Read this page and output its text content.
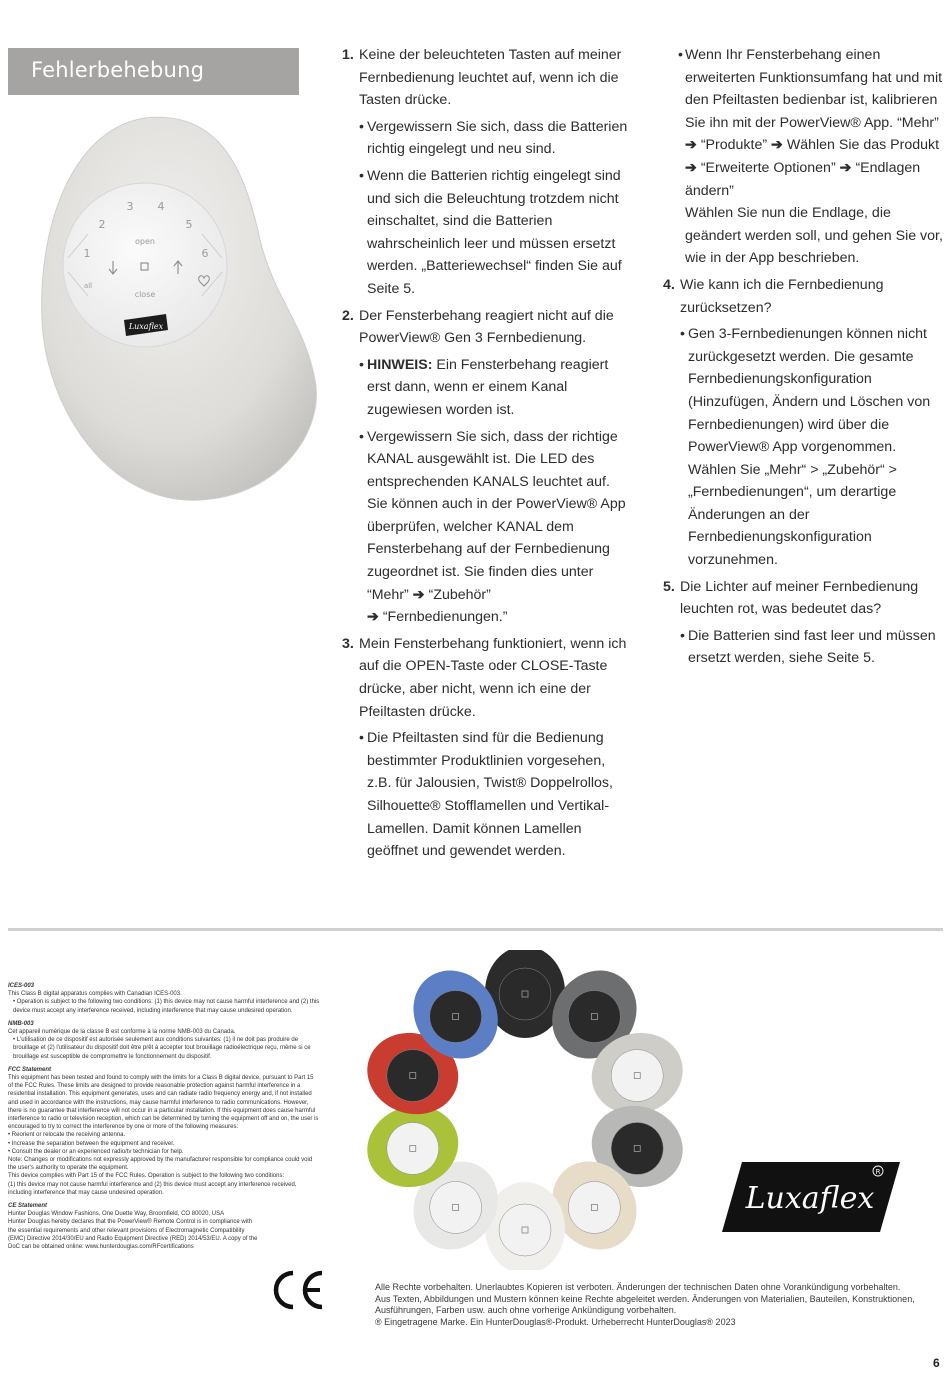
Fehlerbehebung
1
2
3 4
5
6
open
close
all
Luxaflex
1. Keine der beleuchteten Tasten auf meiner Fernbedienung leuchtet auf, wenn ich die Tasten drücke.
• Vergewissern Sie sich, dass die Batterien richtig eingelegt und neu sind.
• Wenn die Batterien richtig eingelegt sind und sich die Beleuchtung trotzdem nicht einschaltet, sind die Batterien wahrscheinlich leer und müssen ersetzt werden. „Batteriewechsel“ finden Sie auf Seite 5.
2. Der Fensterbehang reagiert nicht auf die PowerView® Gen 3 Fernbedienung.
• HINWEIS: Ein Fensterbehang reagiert erst dann, wenn er einem Kanal zugewiesen worden ist.
• Vergewissern Sie sich, dass der richtige KANAL ausgewählt ist. Die LED des entsprechenden KANALS leuchtet auf. Sie können auch in der PowerView® App überprüfen, welcher KANAL dem Fensterbehang auf der Fernbedienung zugeordnet ist. Sie finden dies unter “Mehr” ➔ “Zubehör”
➔ “Fernbedienungen.”
3. Mein Fensterbehang funktioniert, wenn ich auf die OPEN-Taste oder CLOSE-Taste drücke, aber nicht, wenn ich eine der Pfeiltasten drücke.
• Die Pfeiltasten sind für die Bedienung bestimmter Produktlinien vorgesehen, z.B. für Jalousien, Twist® Doppelrollos, Silhouette® Stofflamellen und Vertikal-Lamellen. Damit können Lamellen geöffnet und gewendet werden.
• Wenn Ihr Fensterbehang einen erweiterten Funktionsumfang hat und mit den Pfeiltasten bedienbar ist, kalibrieren Sie ihn mit der PowerView® App. “Mehr” ➔ “Produkte” ➔ Wählen Sie das Produkt ➔ “Erweiterte Optionen” ➔ “Endlagen ändern”
Wählen Sie nun die Endlage, die geändert werden soll, und gehen Sie vor, wie in der App beschrieben.
4. Wie kann ich die Fernbedienung zurücksetzen?
• Gen 3-Fernbedienungen können nicht zurückgesetzt werden. Die gesamte Fernbedienungskonfiguration (Hinzufügen, Ändern und Löschen von Fernbedienungen) wird über die PowerView® App vorgenommen. Wählen Sie „Mehr“ > „Zubehör“ > „Fernbedienungen“, um derartige Änderungen an der Fernbedienungskonfiguration vorzunehmen.
5. Die Lichter auf meiner Fernbedienung leuchten rot, was bedeutet das?
• Die Batterien sind fast leer und müssen ersetzt werden, siehe Seite 5.

ICES-003

This Class B digital apparatus complies with Canadian ICES-003.

• Operation is subject to the following two conditions: (1) this device may not cause harmful interference and (2) this device must accept any interference received, including interference that may cause undesired operation.

NMB-003

Cet appareil numérique de la classe B est conforme à la norme NMB-003 du Canada.

• L'utilisation de ce dispositif est autorisée seulement aux conditions suivantes: (1) il ne doit pas produire de brouillage et (2) l'utilisateur du dispositif doit être prêt à accepter tout brouillage radioélectrique reçu, même si ce brouillage est susceptible de compromettre le fonctionnement du dispositif.

FCC Statement

This equipment has been tested and found to comply with the limits for a Class B digital device, pursuant to Part 15 of the FCC Rules. These limits are designed to provide reasonable protection against harmful interference in a residential installation. This equipment generates, uses and can radiate radio frequency energy and, if not installed and used in accordance with the instructions, may cause harmful interference to radio communications. However, there is no guarantee that interference will not occur in a particular installation. If this equipment does cause harmful interference to radio or television reception, which can be determined by turning the equipment off and on, the user is encouraged to try to correct the interference by one or more of the following measures:

• Reorient or relocate the receiving antenna.

• Increase the separation between the equipment and receiver.

• Consult the dealer or an experienced radio/tv technician for help.

Note: Changes or modifications not expressly approved by the manufacturer responsible for compliance could void the user's authority to operate the equipment.

This device complies with Part 15 of the FCC Rules. Operation is subject to the following two conditions:

(1) this device may not cause harmful interference and (2) this device must accept any interference received, including interference that may cause undesired operation.

CE Statement

Hunter Douglas Window Fashions, One Duette Way, Broomfield, CO 80020, USA

Hunter Douglas hereby declares that the PowerView® Remote Control is in compliance with the essential requirements and other relevant provisions of Electromagnetic Compatibility (EMC) Directive 2014/30/EU and Radio Equipment Directive (RED) 2014/53/EU. A copy of the DoC can be obtained online: www.hunterdouglas.com/RFcertifications

CE
Luxaflex
R

Alle Rechte vorbehalten. Unerlaubtes Kopieren ist verboten. Änderungen der technischen Daten ohne Vorankündigung vorbehalten. Aus Texten, Abbildungen und Mustern können keine Rechte abgeleitet werden. Änderungen von Materialien, Bauteilen, Konstruktionen, Ausführungen, Farben usw. auch ohne vorherige Ankündigung vorbehalten.

® Eingetragene Marke. Ein HunterDouglas®-Produkt. Urheberrecht HunterDouglas® 2023

6
